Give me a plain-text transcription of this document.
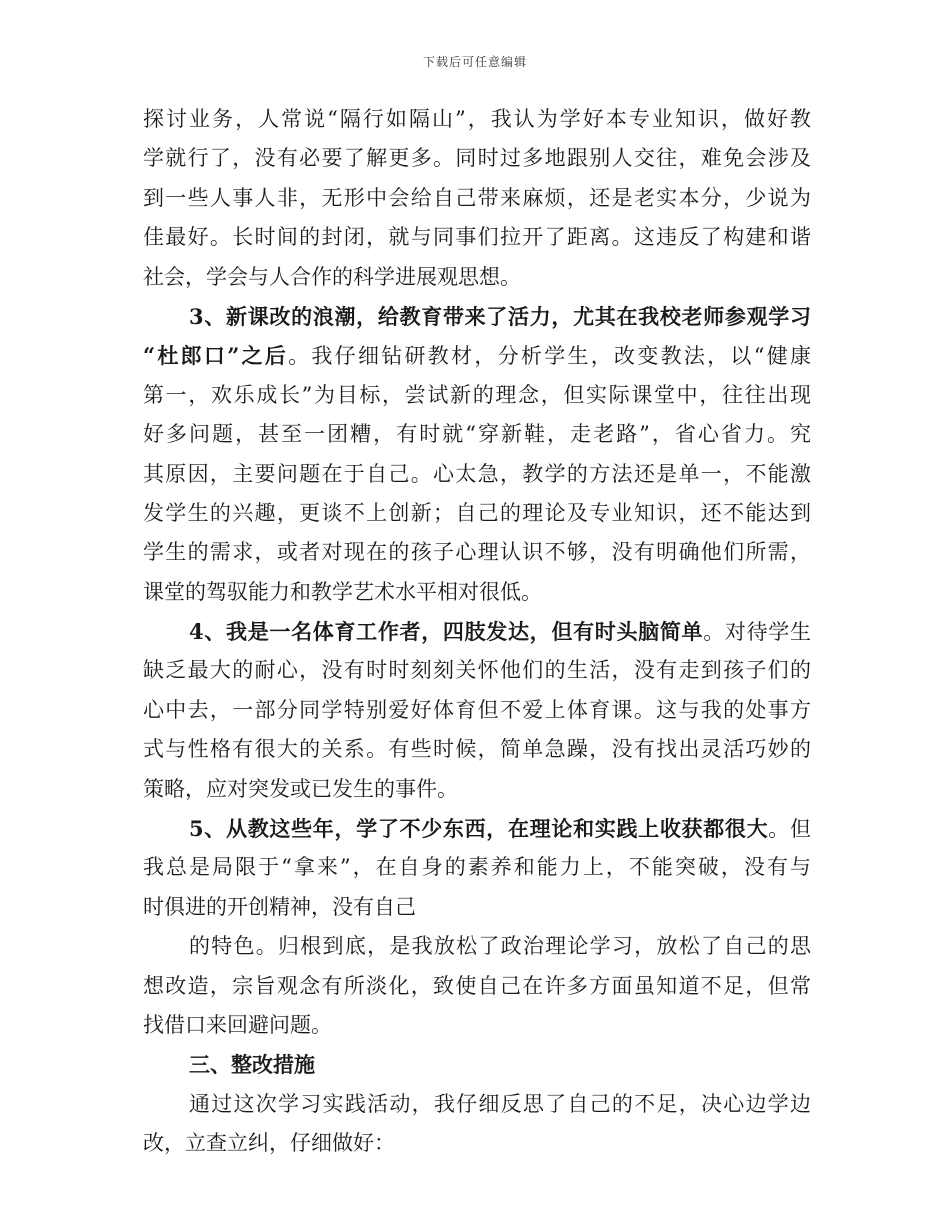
下载后可任意编辑
探讨业务，人常说“隔行如隔山”，我认为学好本专业知识，做好教
学就行了，没有必要了解更多。同时过多地跟别人交往，难免会涉及
到一些人事人非，无形中会给自己带来麻烦，还是老实本分，少说为
佳最好。长时间的封闭，就与同事们拉开了距离。这违反了构建和谐
社会，学会与人合作的科学进展观思想。
3、新课改的浪潮，给教育带来了活力，尤其在我校老师参观学习
“杜郎口”之后。我仔细钻研教材，分析学生，改变教法，以“健康
第一，欢乐成长”为目标，尝试新的理念，但实际课堂中，往往出现
好多问题，甚至一团糟，有时就“穿新鞋，走老路”，省心省力。究
其原因，主要问题在于自己。心太急，教学的方法还是单一，不能激
发学生的兴趣，更谈不上创新；自己的理论及专业知识，还不能达到
学生的需求，或者对现在的孩子心理认识不够，没有明确他们所需，
课堂的驾驭能力和教学艺术水平相对很低。
4、我是一名体育工作者，四肢发达，但有时头脑简单。对待学生
缺乏最大的耐心，没有时时刻刻关怀他们的生活，没有走到孩子们的
心中去，一部分同学特别爱好体育但不爱上体育课。这与我的处事方
式与性格有很大的关系。有些时候，简单急躁，没有找出灵活巧妙的
策略，应对突发或已发生的事件。
5、从教这些年，学了不少东西，在理论和实践上收获都很大。但
我总是局限于“拿来”，在自身的素养和能力上，不能突破，没有与
时俱进的开创精神，没有自己
的特色。归根到底，是我放松了政治理论学习，放松了自己的思
想改造，宗旨观念有所淡化，致使自己在许多方面虽知道不足，但常
找借口来回避问题。
三、整改措施
通过这次学习实践活动，我仔细反思了自己的不足，决心边学边
改，立查立纠，仔细做好：
